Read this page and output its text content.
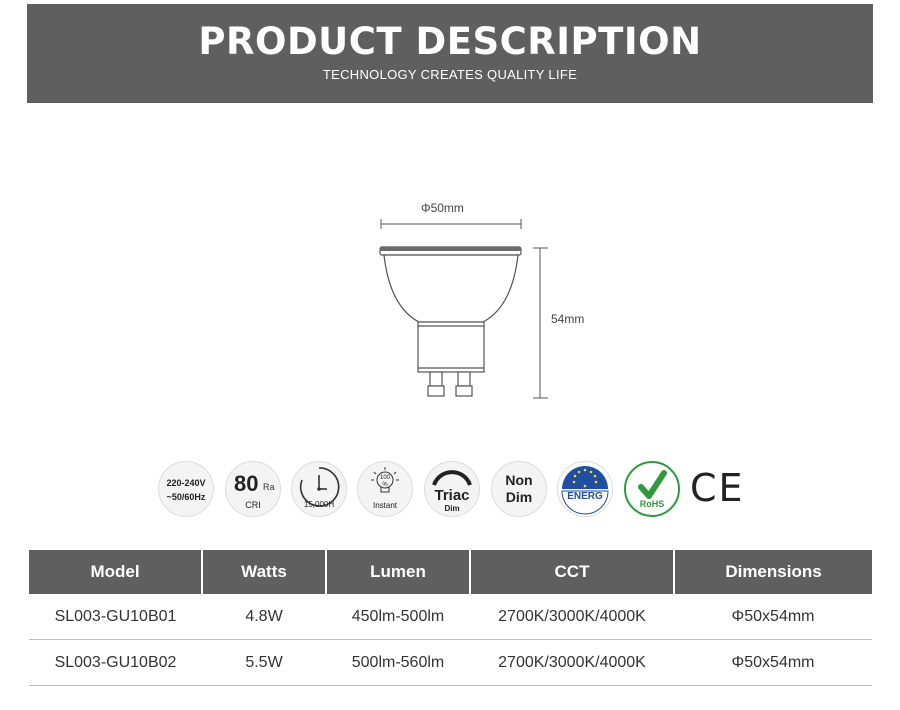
PRODUCT DESCRIPTION
TECHNOLOGY CREATES QUALITY LIFE
Φ50mm
54mm
220-240V
~50/60Hz
80 Ra
CRI	15,000H
100
%
Instant
Triac
Dim
Non
Dim	ENERG
RoHS CE
Model	Watts	Lumen	CCT	Dimensions
SL003-GU10B01	4.8W	450lm-500lm	2700K/3000K/4000K	Φ50x54mm
SL003-GU10B02	5.5W	500lm-560lm	2700K/3000K/4000K	Φ50x54mm
